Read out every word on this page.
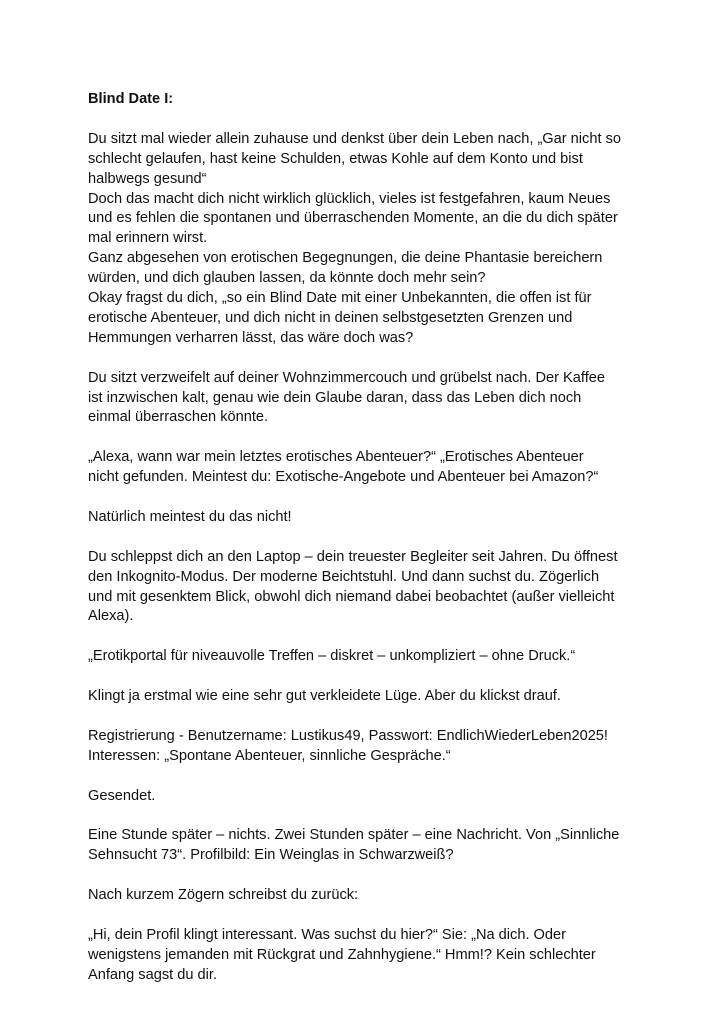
Blind Date I:
Du sitzt mal wieder allein zuhause und denkst über dein Leben nach, „Gar nicht so
schlecht gelaufen, hast keine Schulden, etwas Kohle auf dem Konto und bist
halbwegs gesund“
Doch das macht dich nicht wirklich glücklich, vieles ist festgefahren, kaum Neues
und es fehlen die spontanen und überraschenden Momente, an die du dich später
mal erinnern wirst.
Ganz abgesehen von erotischen Begegnungen, die deine Phantasie bereichern
würden, und dich glauben lassen, da könnte doch mehr sein?
Okay fragst du dich, „so ein Blind Date mit einer Unbekannten, die offen ist für
erotische Abenteuer, und dich nicht in deinen selbstgesetzten Grenzen und
Hemmungen verharren lässt, das wäre doch was?
Du sitzt verzweifelt auf deiner Wohnzimmercouch und grübelst nach. Der Kaffee
ist inzwischen kalt, genau wie dein Glaube daran, dass das Leben dich noch
einmal überraschen könnte.
„Alexa, wann war mein letztes erotisches Abenteuer?“ „Erotisches Abenteuer
nicht gefunden. Meintest du: Exotische-Angebote und Abenteuer bei Amazon?“
Natürlich meintest du das nicht!
Du schleppst dich an den Laptop – dein treuester Begleiter seit Jahren. Du öffnest
den Inkognito-Modus. Der moderne Beichtstuhl. Und dann suchst du. Zögerlich
und mit gesenktem Blick, obwohl dich niemand dabei beobachtet (außer vielleicht
Alexa).
„Erotikportal für niveauvolle Treffen – diskret – unkompliziert – ohne Druck.“
Klingt ja erstmal wie eine sehr gut verkleidete Lüge. Aber du klickst drauf.
Registrierung - Benutzername: Lustikus49, Passwort: EndlichWiederLeben2025!
Interessen: „Spontane Abenteuer, sinnliche Gespräche.“
Gesendet.
Eine Stunde später – nichts. Zwei Stunden später – eine Nachricht. Von „Sinnliche
Sehnsucht 73“. Profilbild: Ein Weinglas in Schwarzweiß?
Nach kurzem Zögern schreibst du zurück:
„Hi, dein Profil klingt interessant. Was suchst du hier?“ Sie: „Na dich. Oder
wenigstens jemanden mit Rückgrat und Zahnhygiene.“ Hmm!? Kein schlechter
Anfang sagst du dir.
